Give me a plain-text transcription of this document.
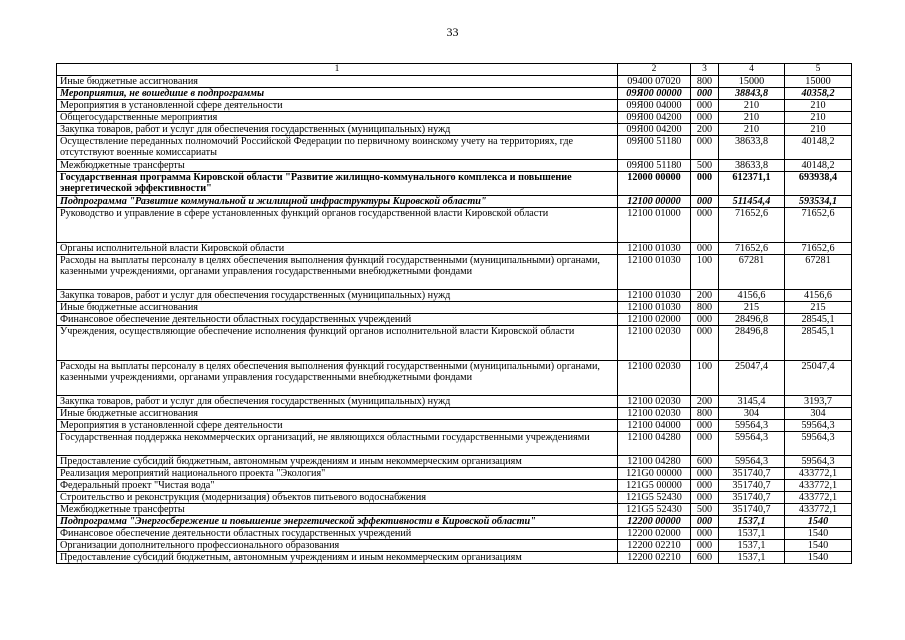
33
1	2	3	4	5
Иные бюджетные ассигнования	09400 07020	800	15000	15000
Мероприятия, не вошедшие в подпрограммы	09Я00 00000	000	38843,8	40358,2
Мероприятия в установленной сфере деятельности	09Я00 04000	000	210	210
Общегосударственные мероприятия	09Я00 04200	000	210	210
Закупка товаров, работ и услуг для обеспечения государственных (муниципальных) нужд	09Я00 04200	200	210	210
Осуществление переданных полномочий Российской Федерации по первичному воинскому учету на территориях, где отсутствуют военные комиссариаты	09Я00 51180	000	38633,8	40148,2
Межбюджетные трансферты	09Я00 51180	500	38633,8	40148,2
Государственная программа Кировской области "Развитие жилищно-коммунального комплекса и повышение энергетической эффективности"	12000 00000	000	612371,1	693938,4
Подпрограмма "Развитие коммунальной и жилищной инфраструктуры Кировской области"	12100 00000	000	511454,4	593534,1
Руководство и управление в сфере установленных функций органов государственной власти Кировской области	12100 01000	000	71652,6	71652,6
Органы исполнительной власти Кировской области	12100 01030	000	71652,6	71652,6
Расходы на выплаты персоналу в целях обеспечения выполнения функций государственными (муниципальными) органами, казенными учреждениями, органами управления государственными внебюджетными фондами	12100 01030	100	67281	67281
Закупка товаров, работ и услуг для обеспечения государственных (муниципальных) нужд	12100 01030	200	4156,6	4156,6
Иные бюджетные ассигнования	12100 01030	800	215	215
Финансовое обеспечение деятельности областных государственных учреждений	12100 02000	000	28496,8	28545,1
Учреждения, осуществляющие обеспечение исполнения функций органов исполнительной власти Кировской области	12100 02030	000	28496,8	28545,1
Расходы на выплаты персоналу в целях обеспечения выполнения функций государственными (муниципальными) органами, казенными учреждениями, органами управления государственными внебюджетными фондами	12100 02030	100	25047,4	25047,4
Закупка товаров, работ и услуг для обеспечения государственных (муниципальных) нужд	12100 02030	200	3145,4	3193,7
Иные бюджетные ассигнования	12100 02030	800	304	304
Мероприятия в установленной сфере деятельности	12100 04000	000	59564,3	59564,3
Государственная поддержка некоммерческих организаций, не являющихся областными государственными учреждениями	12100 04280	000	59564,3	59564,3
Предоставление субсидий бюджетным, автономным учреждениям и иным некоммерческим организациям	12100 04280	600	59564,3	59564,3
Реализация мероприятий национального проекта "Экология"	121G0 00000	000	351740,7	433772,1
Федеральный проект "Чистая вода"	121G5 00000	000	351740,7	433772,1
Строительство и реконструкция (модернизация) объектов питьевого водоснабжения	121G5 52430	000	351740,7	433772,1
Межбюджетные трансферты	121G5 52430	500	351740,7	433772,1
Подпрограмма "Энергосбережение и повышение энергетической эффективности в Кировской области"	12200 00000	000	1537,1	1540
Финансовое обеспечение деятельности областных государственных учреждений	12200 02000	000	1537,1	1540
Организации дополнительного профессионального образования	12200 02210	000	1537,1	1540
Предоставление субсидий бюджетным, автономным учреждениям и иным некоммерческим организациям	12200 02210	600	1537,1	1540
